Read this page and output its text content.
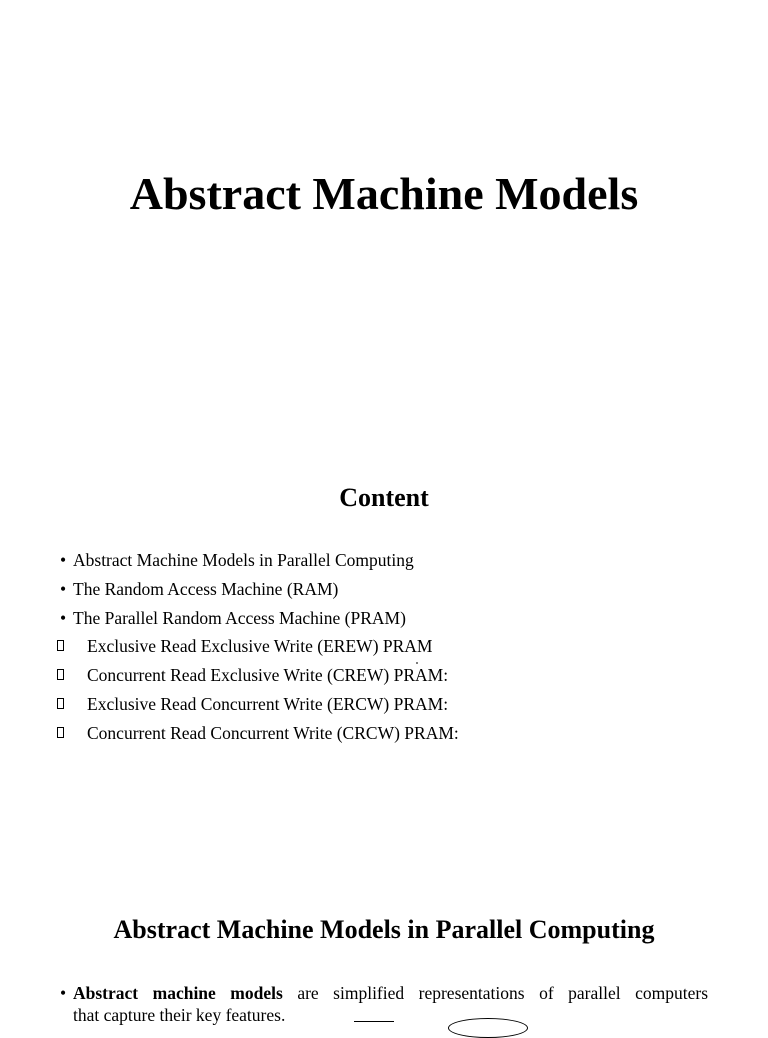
Abstract Machine Models
Content
• Abstract Machine Models in Parallel Computing
• The Random Access Machine (RAM)
• The Parallel Random Access Machine (PRAM)
Exclusive Read Exclusive Write (EREW) PRAM
Concurrent Read Exclusive Write (CREW) PRAM:
Exclusive Read Concurrent Write (ERCW) PRAM:
Concurrent Read Concurrent Write (CRCW) PRAM:
Abstract Machine Models in Parallel Computing
• Abstract machine models are simplified representations of parallel computers
that capture their key features.
